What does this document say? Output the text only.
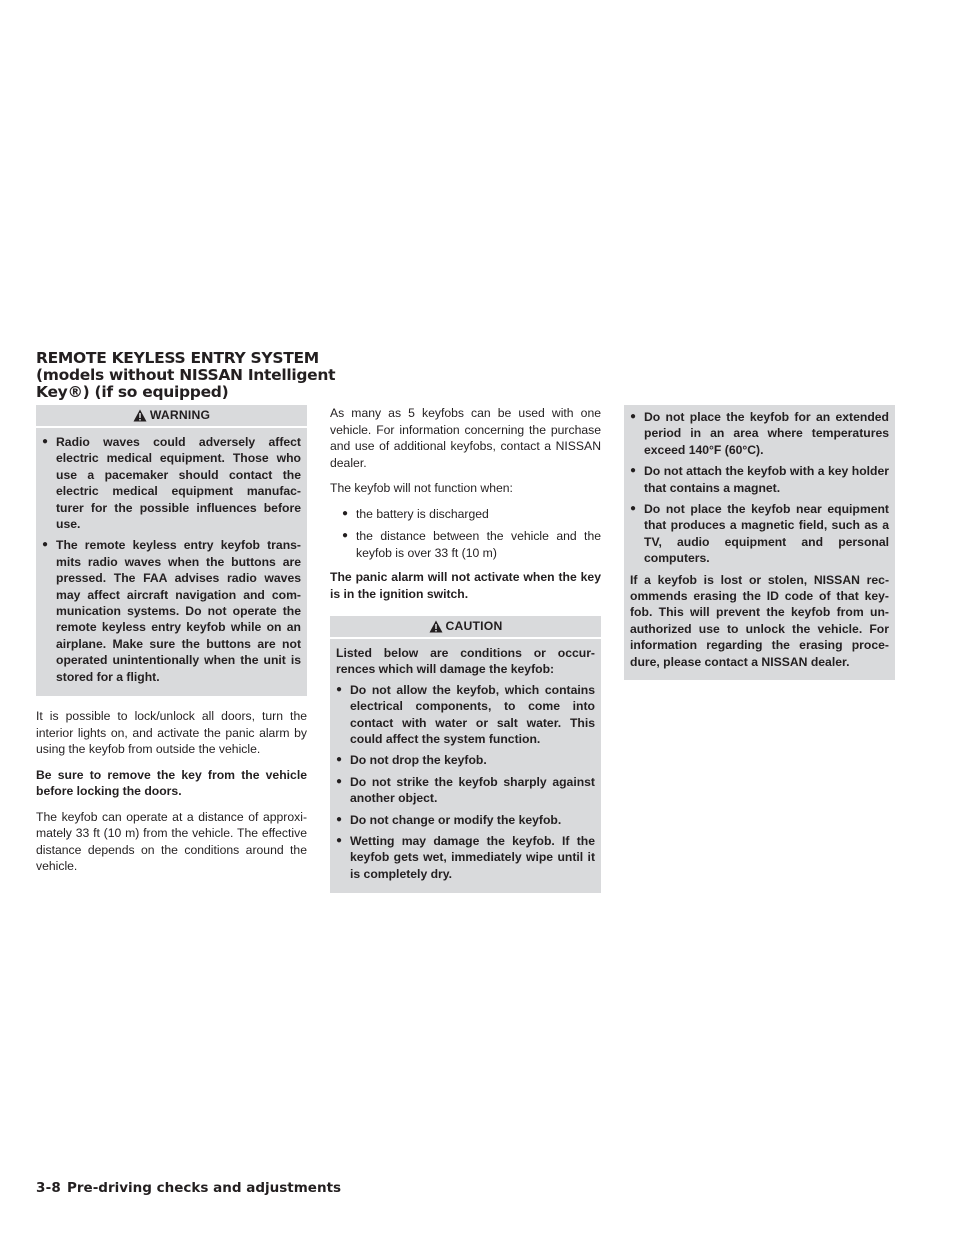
REMOTE KEYLESS ENTRY SYSTEM
(models without NISSAN Intelligent
Key®) (if so equipped)
WARNING
● Radio waves could adversely affect electric medical equipment. Those who use a pacemaker should contact the electric medical equipment manufac- turer for the possible influences before use.
● The remote keyless entry keyfob trans- mits radio waves when the buttons are pressed. The FAA advises radio waves may affect aircraft navigation and com- munication systems. Do not operate the remote keyless entry keyfob while on an airplane. Make sure the buttons are not operated unintentionally when the unit is stored for a flight.

It is possible to lock/unlock all doors, turn the interior lights on, and activate the panic alarm by using the keyfob from outside the vehicle.

Be sure to remove the key from the vehicle before locking the doors.

The keyfob can operate at a distance of approxi- mately 33 ft (10 m) from the vehicle. The effective distance depends on the conditions around the vehicle.

As many as 5 keyfobs can be used with one vehicle. For information concerning the purchase and use of additional keyfobs, contact a NISSAN dealer.

The keyfob will not function when:

● the battery is discharged
● the distance between the vehicle and the keyfob is over 33 ft (10 m)

The panic alarm will not activate when the key is in the ignition switch.

CAUTION
Listed below are conditions or occur- rences which will damage the keyfob:
● Do not allow the keyfob, which contains electrical components, to come into contact with water or salt water. This could affect the system function.
● Do not drop the keyfob.
● Do not strike the keyfob sharply against another object.
● Do not change or modify the keyfob.
● Wetting may damage the keyfob. If the keyfob gets wet, immediately wipe until it is completely dry.
● Do not place the keyfob for an extended period in an area where temperatures exceed 140°F (60°C).
● Do not attach the keyfob with a key holder that contains a magnet.
● Do not place the keyfob near equipment that produces a magnetic field, such as a TV, audio equipment and personal computers.
If a keyfob is lost or stolen, NISSAN rec- ommends erasing the ID code of that key- fob. This will prevent the keyfob from un- authorized use to unlock the vehicle. For information regarding the erasing proce- dure, please contact a NISSAN dealer.
3-8 Pre-driving checks and adjustments
